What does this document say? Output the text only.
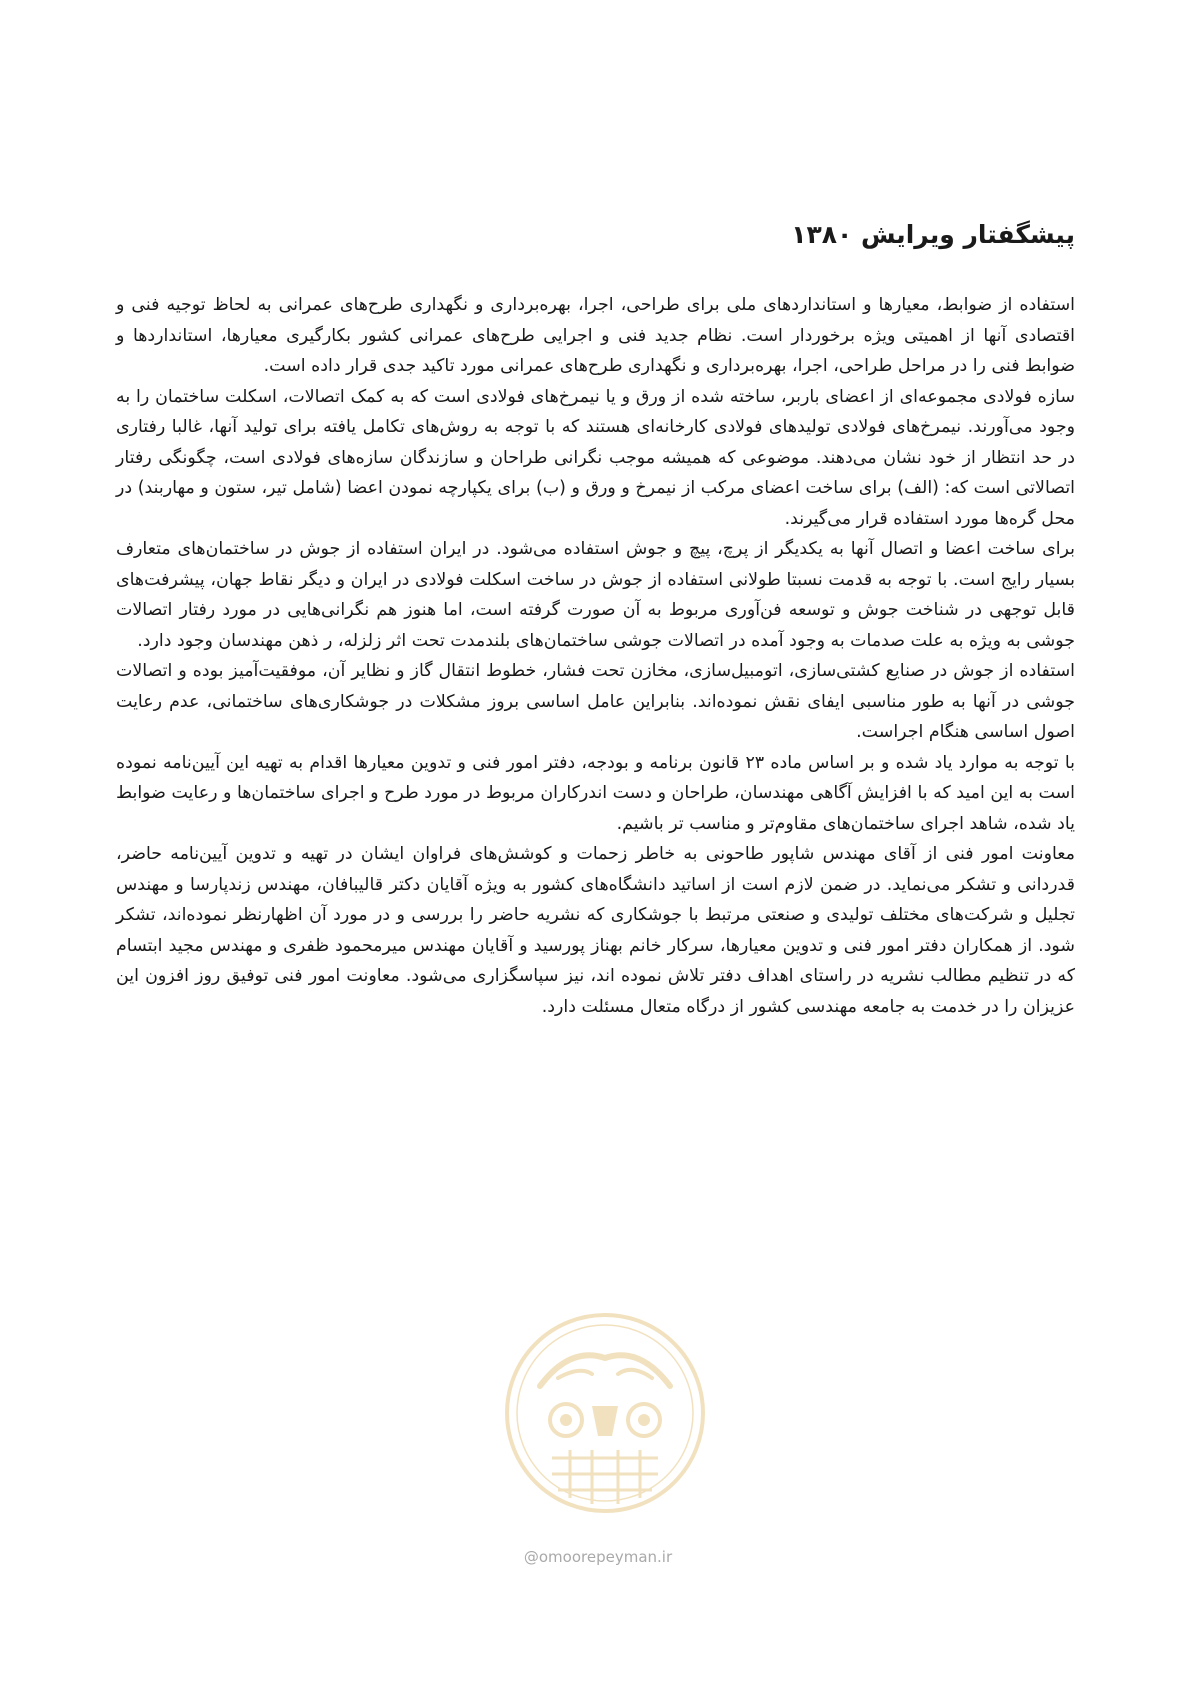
پیشگفتار ویرایش ۱۳۸۰

استفاده از ضوابط، معیارها و استانداردهای ملی برای طراحی، اجرا، بهره‌برداری و نگهداری طرح‌های عمرانی به لحاظ توجیه فنی و اقتصادی آنها از اهمیتی ویژه برخوردار است. نظام جدید فنی و اجرایی طرح‌های عمرانی کشور بکارگیری معیارها، استانداردها و ضوابط فنی را در مراحل طراحی، اجرا، بهره‌برداری و نگهداری طرح‌های عمرانی مورد تاکید جدی قرار داده است.

سازه فولادی مجموعه‌ای از اعضای باربر، ساخته شده از ورق و یا نیمرخ‌های فولادی است که به کمک اتصالات، اسکلت ساختمان را به وجود می‌آورند. نیمرخ‌های فولادی تولیدهای فولادی کارخانه‌ای هستند که با توجه به روش‌های تکامل یافته برای تولید آنها، غالبا رفتاری در حد انتظار از خود نشان می‌دهند. موضوعی که همیشه موجب نگرانی طراحان و سازندگان سازه‌های فولادی است، چگونگی رفتار اتصالاتی است که: (الف) برای ساخت اعضای مرکب از نیمرخ و ورق و (ب) برای یکپارچه نمودن اعضا (شامل تیر، ستون و مهاربند) در محل گره‌ها مورد استفاده قرار می‌گیرند.

برای ساخت اعضا و اتصال آنها به یکدیگر از پرچ، پیچ و جوش استفاده می‌شود. در ایران استفاده از جوش در ساختمان‌های متعارف بسیار رایج است. با توجه به قدمت نسبتا طولانی استفاده از جوش در ساخت اسکلت فولادی در ایران و دیگر نقاط جهان، پیشرفت‌های قابل توجهی در شناخت جوش و توسعه فن‌آوری مربوط به آن صورت گرفته است، اما هنوز هم نگرانی‌هایی در مورد رفتار اتصالات جوشی به ویژه به علت صدمات به وجود آمده در اتصالات جوشی ساختمان‌های بلندمدت تحت اثر زلزله، ر ذهن مهندسان وجود دارد.

استفاده از جوش در صنایع کشتی‌سازی، اتومبیل‌سازی، مخازن تحت فشار، خطوط انتقال گاز و نظایر آن، موفقیت‌آمیز بوده و اتصالات جوشی در آنها به طور مناسبی ایفای نقش نموده‌اند. بنابراین عامل اساسی بروز مشکلات در جوشکاری‌های ساختمانی، عدم رعایت اصول اساسی هنگام اجراست.

با توجه به موارد یاد شده و بر اساس ماده ۲۳ قانون برنامه و بودجه، دفتر امور فنی و تدوین معیارها اقدام به تهیه این آیین‌نامه نموده است به این امید که با افزایش آگاهی مهندسان، طراحان و دست اندرکاران مربوط در مورد طرح و اجرای ساختمان‌ها و رعایت ضوابط یاد شده، شاهد اجرای ساختمان‌های مقاوم‌تر و مناسب تر باشیم.

معاونت امور فنی از آقای مهندس شاپور طاحونی به خاطر زحمات و کوشش‌های فراوان ایشان در تهیه و تدوین آیین‌نامه حاضر، قدردانی و تشکر می‌نماید. در ضمن لازم است از اساتید دانشگاه‌های کشور به ویژه آقایان دکتر قالیبافان، مهندس زندپارسا و مهندس تجلیل و شرکت‌های مختلف تولیدی و صنعتی مرتبط با جوشکاری که نشریه حاضر را بررسی و در مورد آن اظهارنظر نموده‌اند، تشکر شود. از همکاران دفتر امور فنی و تدوین معیارها، سرکار خانم بهناز پورسید و آقایان مهندس میرمحمود ظفری و مهندس مجید ابتسام که در تنظیم مطالب نشریه در راستای اهداف دفتر تلاش نموده اند، نیز سپاسگزاری می‌شود. معاونت امور فنی توفیق روز افزون این عزیزان را در خدمت به جامعه مهندسی کشور از درگاه متعال مسئلت دارد.

@omoorepeyman.ir
